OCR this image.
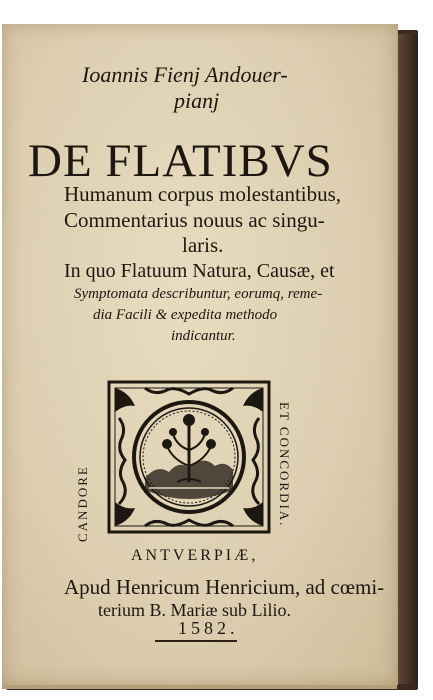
Ioannis Fienj Andouer-
pianj
DE FLATIBVS
Humanum corpus molestantibus,
Commentarius nouus ac singu-
laris.
In quo Flatuum Natura, Causæ, et
Symptomata describuntur, eorumq, reme-
dia Facili & expedita methodo
indicantur.
CANDORE	ET CONCORDIA.
ANTVERPIÆ,
Apud Henricum Henricium, ad cœmi-
terium B. Mariæ sub Lilio.
1582.
